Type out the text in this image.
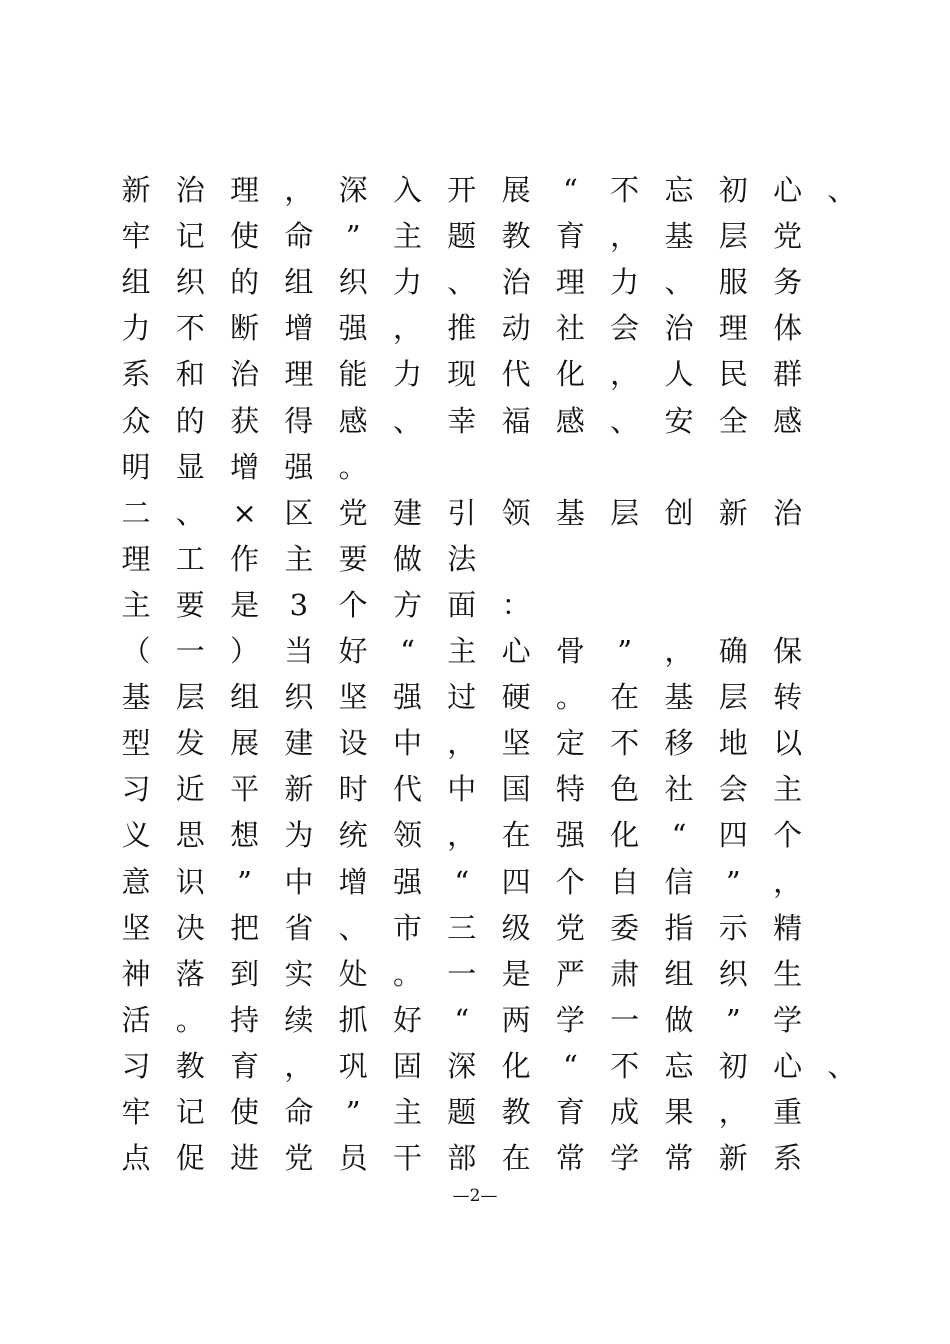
新 治 理 ， 深 入 开 展	“	不 忘 初 心 、
牢 记 使 命	”	主 题 教 育 ， 基 层 党
组 织 的 组 织 力 、 治 理 力 、 服 务
力 不 断 增 强 ， 推 动 社 会 治 理 体
系 和 治 理 能 力 现 代 化 ， 人 民 群
众 的 获 得 感 、 幸 福 感 、 安 全 感
明 显 增 强 。
二 、 × 区 党 建 引 领 基 层 创 新 治
理 工 作 主 要 做 法
主 要 是	3	个 方 面 ：
（ 一 ） 当 好	“	主 心 骨	”	， 确 保
基 层 组 织 坚 强 过 硬 。 在 基 层 转
型 发 展 建 设 中 ， 坚 定 不 移 地 以
习 近 平 新 时 代 中 国 特 色 社 会 主
义 思 想 为 统 领 ， 在 强 化	“	四 个
意 识	”	中 增 强	“	四 个 自 信	”	，
坚 决 把 省 、 市 三 级 党 委 指 示 精
神 落 到 实 处 。 一 是 严 肃 组 织 生
活 。 持 续 抓 好	“	两 学 一 做	”	学
习 教 育 ， 巩 固 深 化	“	不 忘 初 心 、
牢 记 使 命	”	主 题 教 育 成 果 ， 重
点 促 进 党 员 干 部 在 常 学 常 新 系
—2—
